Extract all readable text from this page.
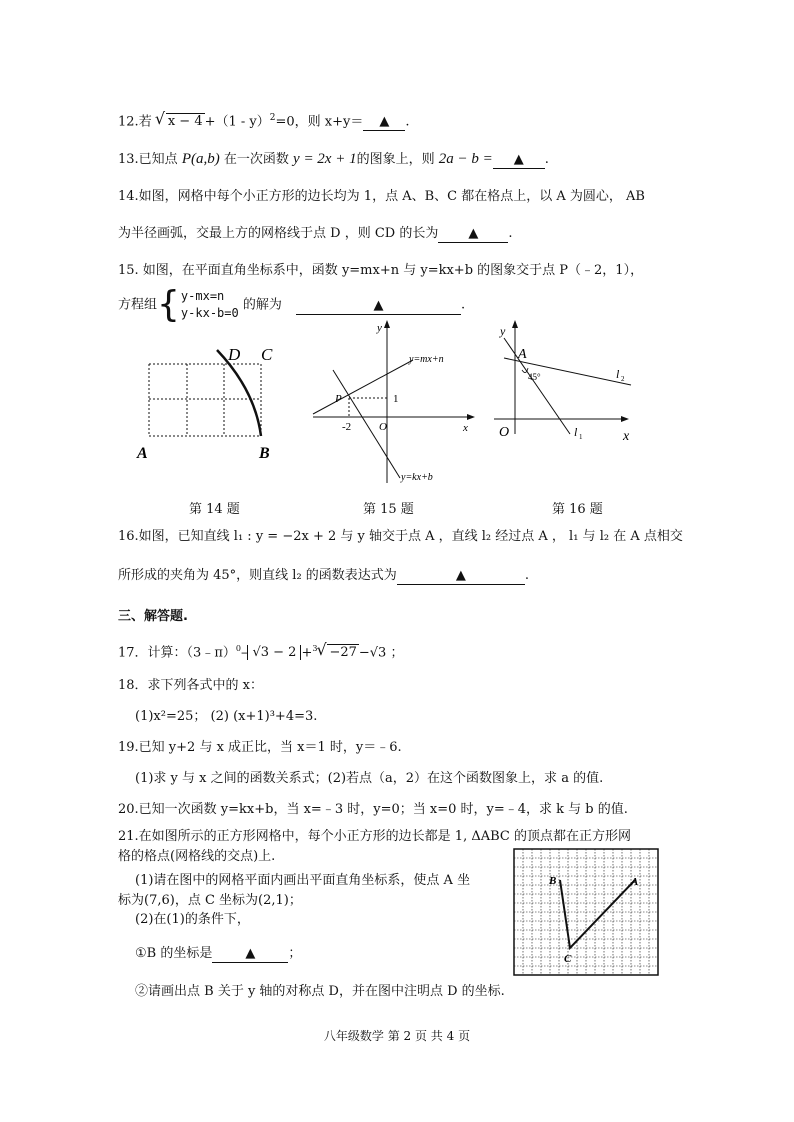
12.若 √ x − 4 +（1 - y）$^2$=0，则 x+y＝ ▲ .
13.已知点 P(a,b) 在一次函数 y = 2x + 1的图象上，则 2a − b = ▲ .
14.如图，网格中每个小正方形的边长均为 1，点 A、B、C 都在格点上，以 A 为圆心， AB
为半径画弧，交最上方的网格线于点 D ，则 CD 的长为 ▲ .
15. 如图，在平面直角坐标系中，函数 y=mx+n 与 y=kx+b 的图象交于点 P（﹣2，1），
方程组{y-mx=n
y-kx-b=0 的解为	▲	.
D C
A	B
y
x
O
P	1
-2
y=mx+n
y=kx+b
y
x
O
A
45°
l 1
l 2
第 14 题	第 15 题	第 16 题
16.如图，已知直线 l₁ : y = −2x + 2 与 y 轴交于点 A ，直线 l₂ 经过点 A ， l₁ 与 l₂ 在 A 点相交
所形成的夹角为 45°，则直线 l₂ 的函数表达式为	▲	.
三、解答题.
17．计算：（3﹣π）$^0$– √3 − 2 +$^3$ √ −27 −√3 ；
18．求下列各式中的 x：
(1)x²=25； (2) (x+1)³+4=3.
19.已知 y+2 与 x 成正比，当 x＝1 时，y＝﹣6.
(1)求 y 与 x 之间的函数关系式；(2)若点（a，2）在这个函数图象上，求 a 的值.
20.已知一次函数 y=kx+b，当 x=﹣3 时，y=0；当 x=0 时，y=﹣4，求 k 与 b 的值.
21.在如图所示的正方形网格中，每个小正方形的边长都是 1, ΔABC 的顶点都在正方形网
格的格点(网格线的交点)上.
(1)请在图中的网格平面内画出平面直角坐标系，使点 A 坐
标为(7,6)，点 C 坐标为(2,1)；
(2)在(1)的条件下，
①B 的坐标是	▲	；
②请画出点 B 关于 y 轴的对称点 D，并在图中注明点 D 的坐标.
B	A
C
八年级数学 第 2 页 共 4 页
